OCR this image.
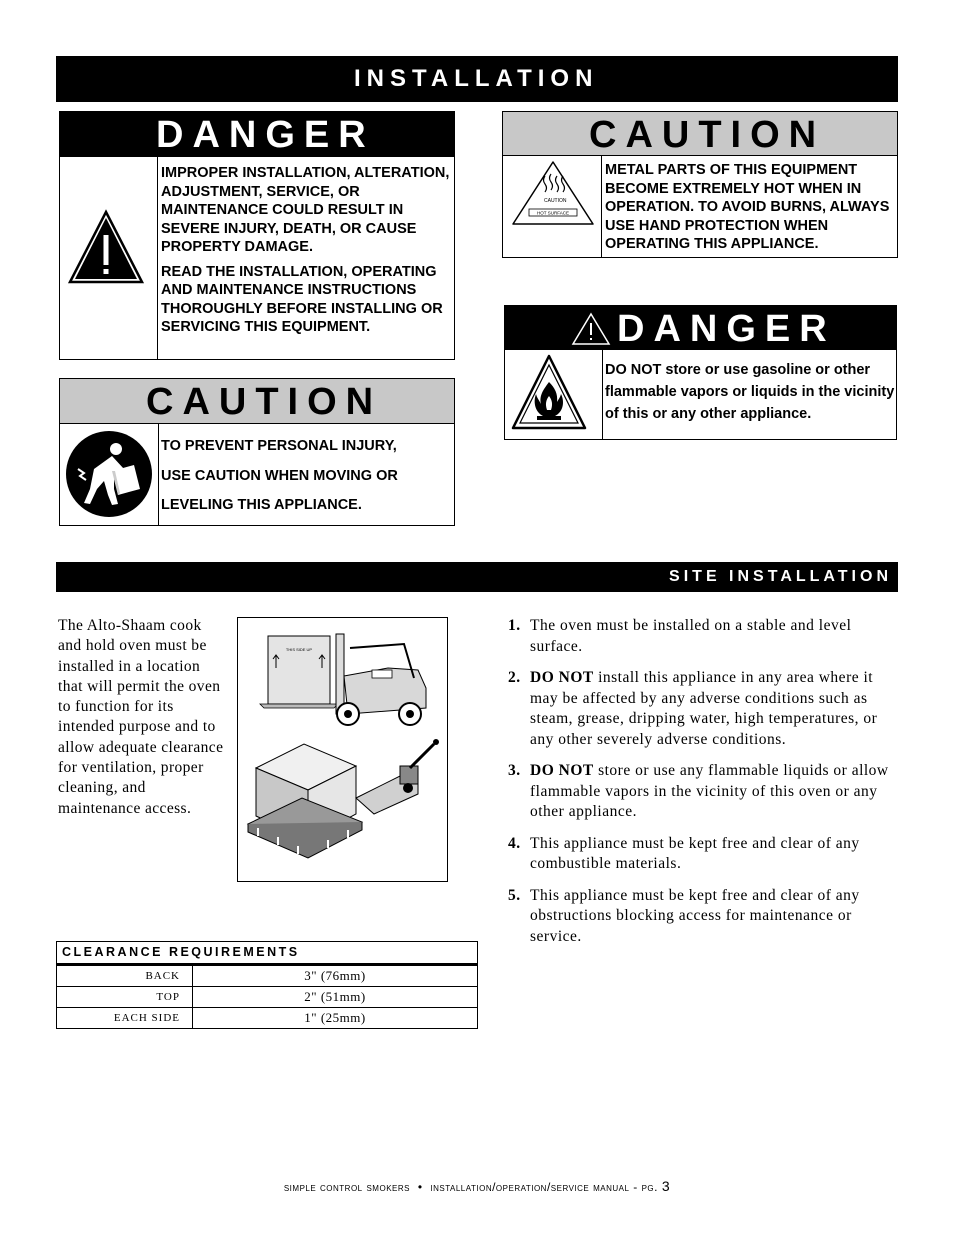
INSTALLATION
DANGER
IMPROPER INSTALLATION, ALTERATION, ADJUSTMENT, SERVICE, OR MAINTENANCE COULD RESULT IN SEVERE INJURY, DEATH, OR CAUSE PROPERTY DAMAGE.
READ THE INSTALLATION, OPERATING AND MAINTENANCE INSTRUCTIONS THOROUGHLY BEFORE INSTALLING OR SERVICING THIS EQUIPMENT.
CAUTION
CAUTION
HOT SURFACE
METAL PARTS OF THIS EQUIPMENT BECOME EXTREMELY HOT WHEN IN OPERATION. TO AVOID BURNS, ALWAYS USE HAND PROTECTION WHEN OPERATING THIS APPLIANCE.
CAUTION
TO PREVENT PERSONAL INJURY,
USE CAUTION WHEN MOVING OR
LEVELING THIS APPLIANCE.
DANGER
DO NOT store or use gasoline or other flammable vapors or liquids in the vicinity of this or any other appliance.
SITE INSTALLATION
The Alto-Shaam cook and hold oven must be installed in a location that will permit the oven to function for its intended purpose and to allow adequate clearance for ventilation, proper cleaning, and maintenance access.
THIS SIDE UP
1. The oven must be installed on a stable and level surface.
2. DO NOT install this appliance in any area where it may be affected by any adverse conditions such as steam, grease, dripping water, high temperatures, or any other severely adverse conditions.
3. DO NOT store or use any flammable liquids or allow flammable vapors in the vicinity of this oven or any other appliance.
4. This appliance must be kept free and clear of any combustible materials.
5. This appliance must be kept free and clear of any obstructions blocking access for maintenance or service.
CLEARANCE REQUIREMENTS
BACK	3" (76mm)
TOP	2" (51mm)
EACH SIDE	1" (25mm)
simple control smokers • installation/operation/service manual - pg. 3
